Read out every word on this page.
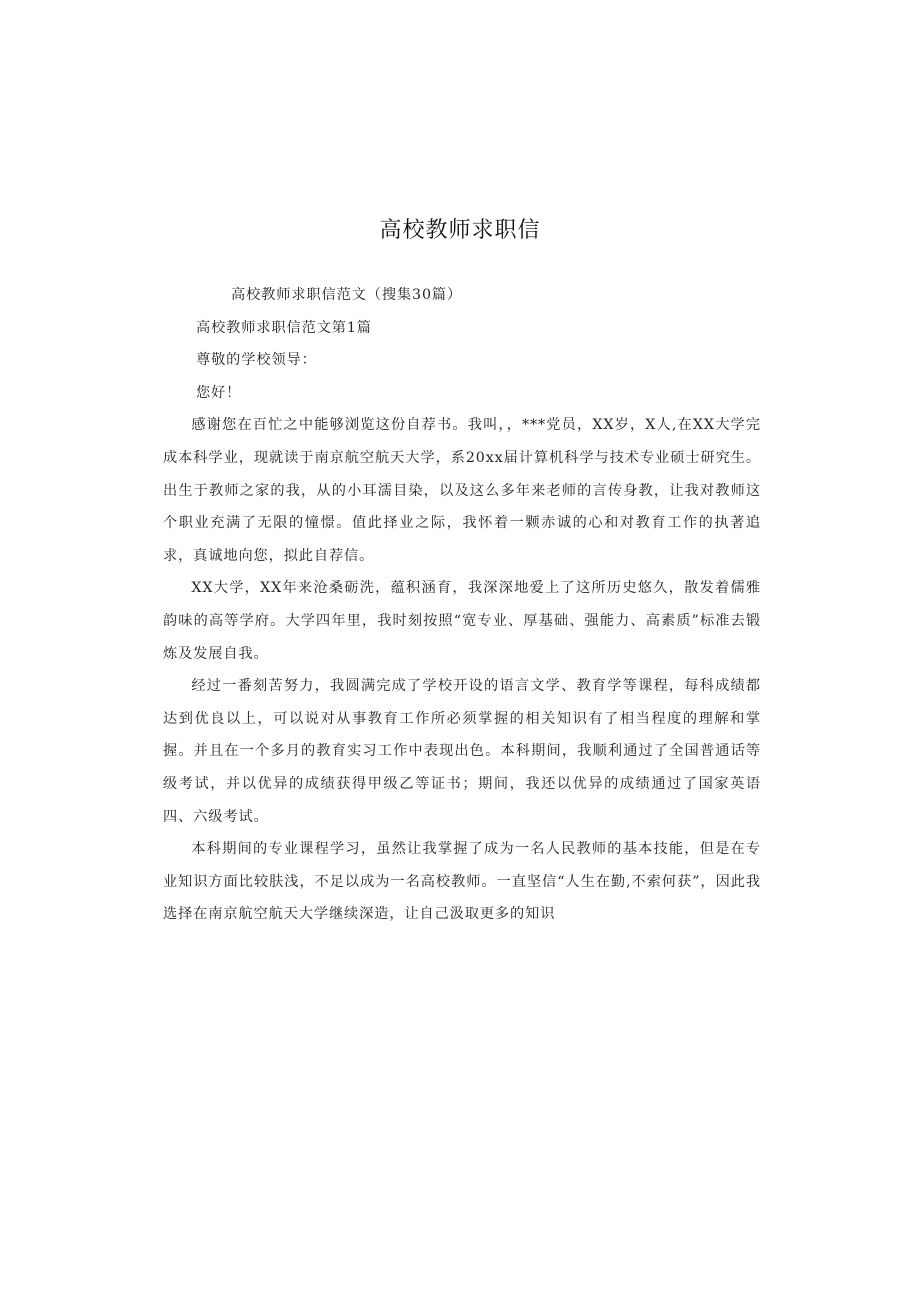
高校教师求职信

高校教师求职信范文（搜集30篇）

高校教师求职信范文第1篇

尊敬的学校领导：

您好！

感谢您在百忙之中能够浏览这份自荐书。我叫，，***党员，XX岁，X人,在XX大学完成本科学业，现就读于南京航空航天大学，系20xx届计算机科学与技术专业硕士研究生。出生于教师之家的我，从的小耳濡目染，以及这么多年来老师的言传身教，让我对教师这个职业充满了无限的憧憬。值此择业之际，我怀着一颗赤诚的心和对教育工作的执著追求，真诚地向您，拟此自荐信。

XX大学，XX年来沧桑砺洗，蕴积涵育，我深深地爱上了这所历史悠久，散发着儒雅韵味的高等学府。大学四年里，我时刻按照“宽专业、厚基础、强能力、高素质”标准去锻炼及发展自我。

经过一番刻苦努力，我圆满完成了学校开设的语言文学、教育学等课程，每科成绩都达到优良以上，可以说对从事教育工作所必须掌握的相关知识有了相当程度的理解和掌握。并且在一个多月的教育实习工作中表现出色。本科期间，我顺利通过了全国普通话等级考试，并以优异的成绩获得甲级乙等证书；期间，我还以优异的成绩通过了国家英语四、六级考试。

本科期间的专业课程学习，虽然让我掌握了成为一名人民教师的基本技能，但是在专业知识方面比较肤浅，不足以成为一名高校教师。一直坚信“人生在勤,不索何获”，因此我选择在南京航空航天大学继续深造，让自己汲取更多的知识
